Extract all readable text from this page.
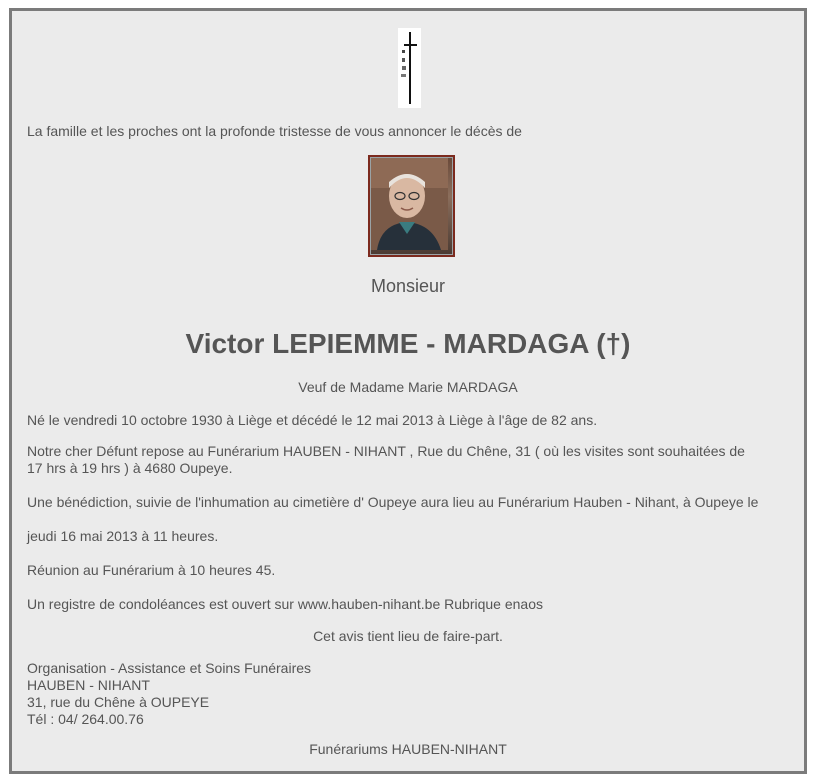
La famille et les proches ont la profonde tristesse de vous annoncer le décès de
Monsieur
Victor LEPIEMME - MARDAGA (†)
Veuf de Madame Marie MARDAGA
Né le vendredi 10 octobre 1930 à Liège et décédé le 12 mai 2013 à Liège à l'âge de 82 ans.
Notre cher Défunt repose au Funérarium HAUBEN - NIHANT , Rue du Chêne, 31 ( où les visites sont souhaitées de
17 hrs à 19 hrs ) à 4680 Oupeye.
Une bénédiction, suivie de l'inhumation au cimetière d' Oupeye aura lieu au Funérarium Hauben - Nihant, à Oupeye le
jeudi 16 mai 2013 à 11 heures.
Réunion au Funérarium à 10 heures 45.
Un registre de condoléances est ouvert sur www.hauben-nihant.be Rubrique enaos
Cet avis tient lieu de faire-part.
Organisation - Assistance et Soins Funéraires
HAUBEN - NIHANT
31, rue du Chêne à OUPEYE
Tél : 04/ 264.00.76
Funérariums HAUBEN-NIHANT
